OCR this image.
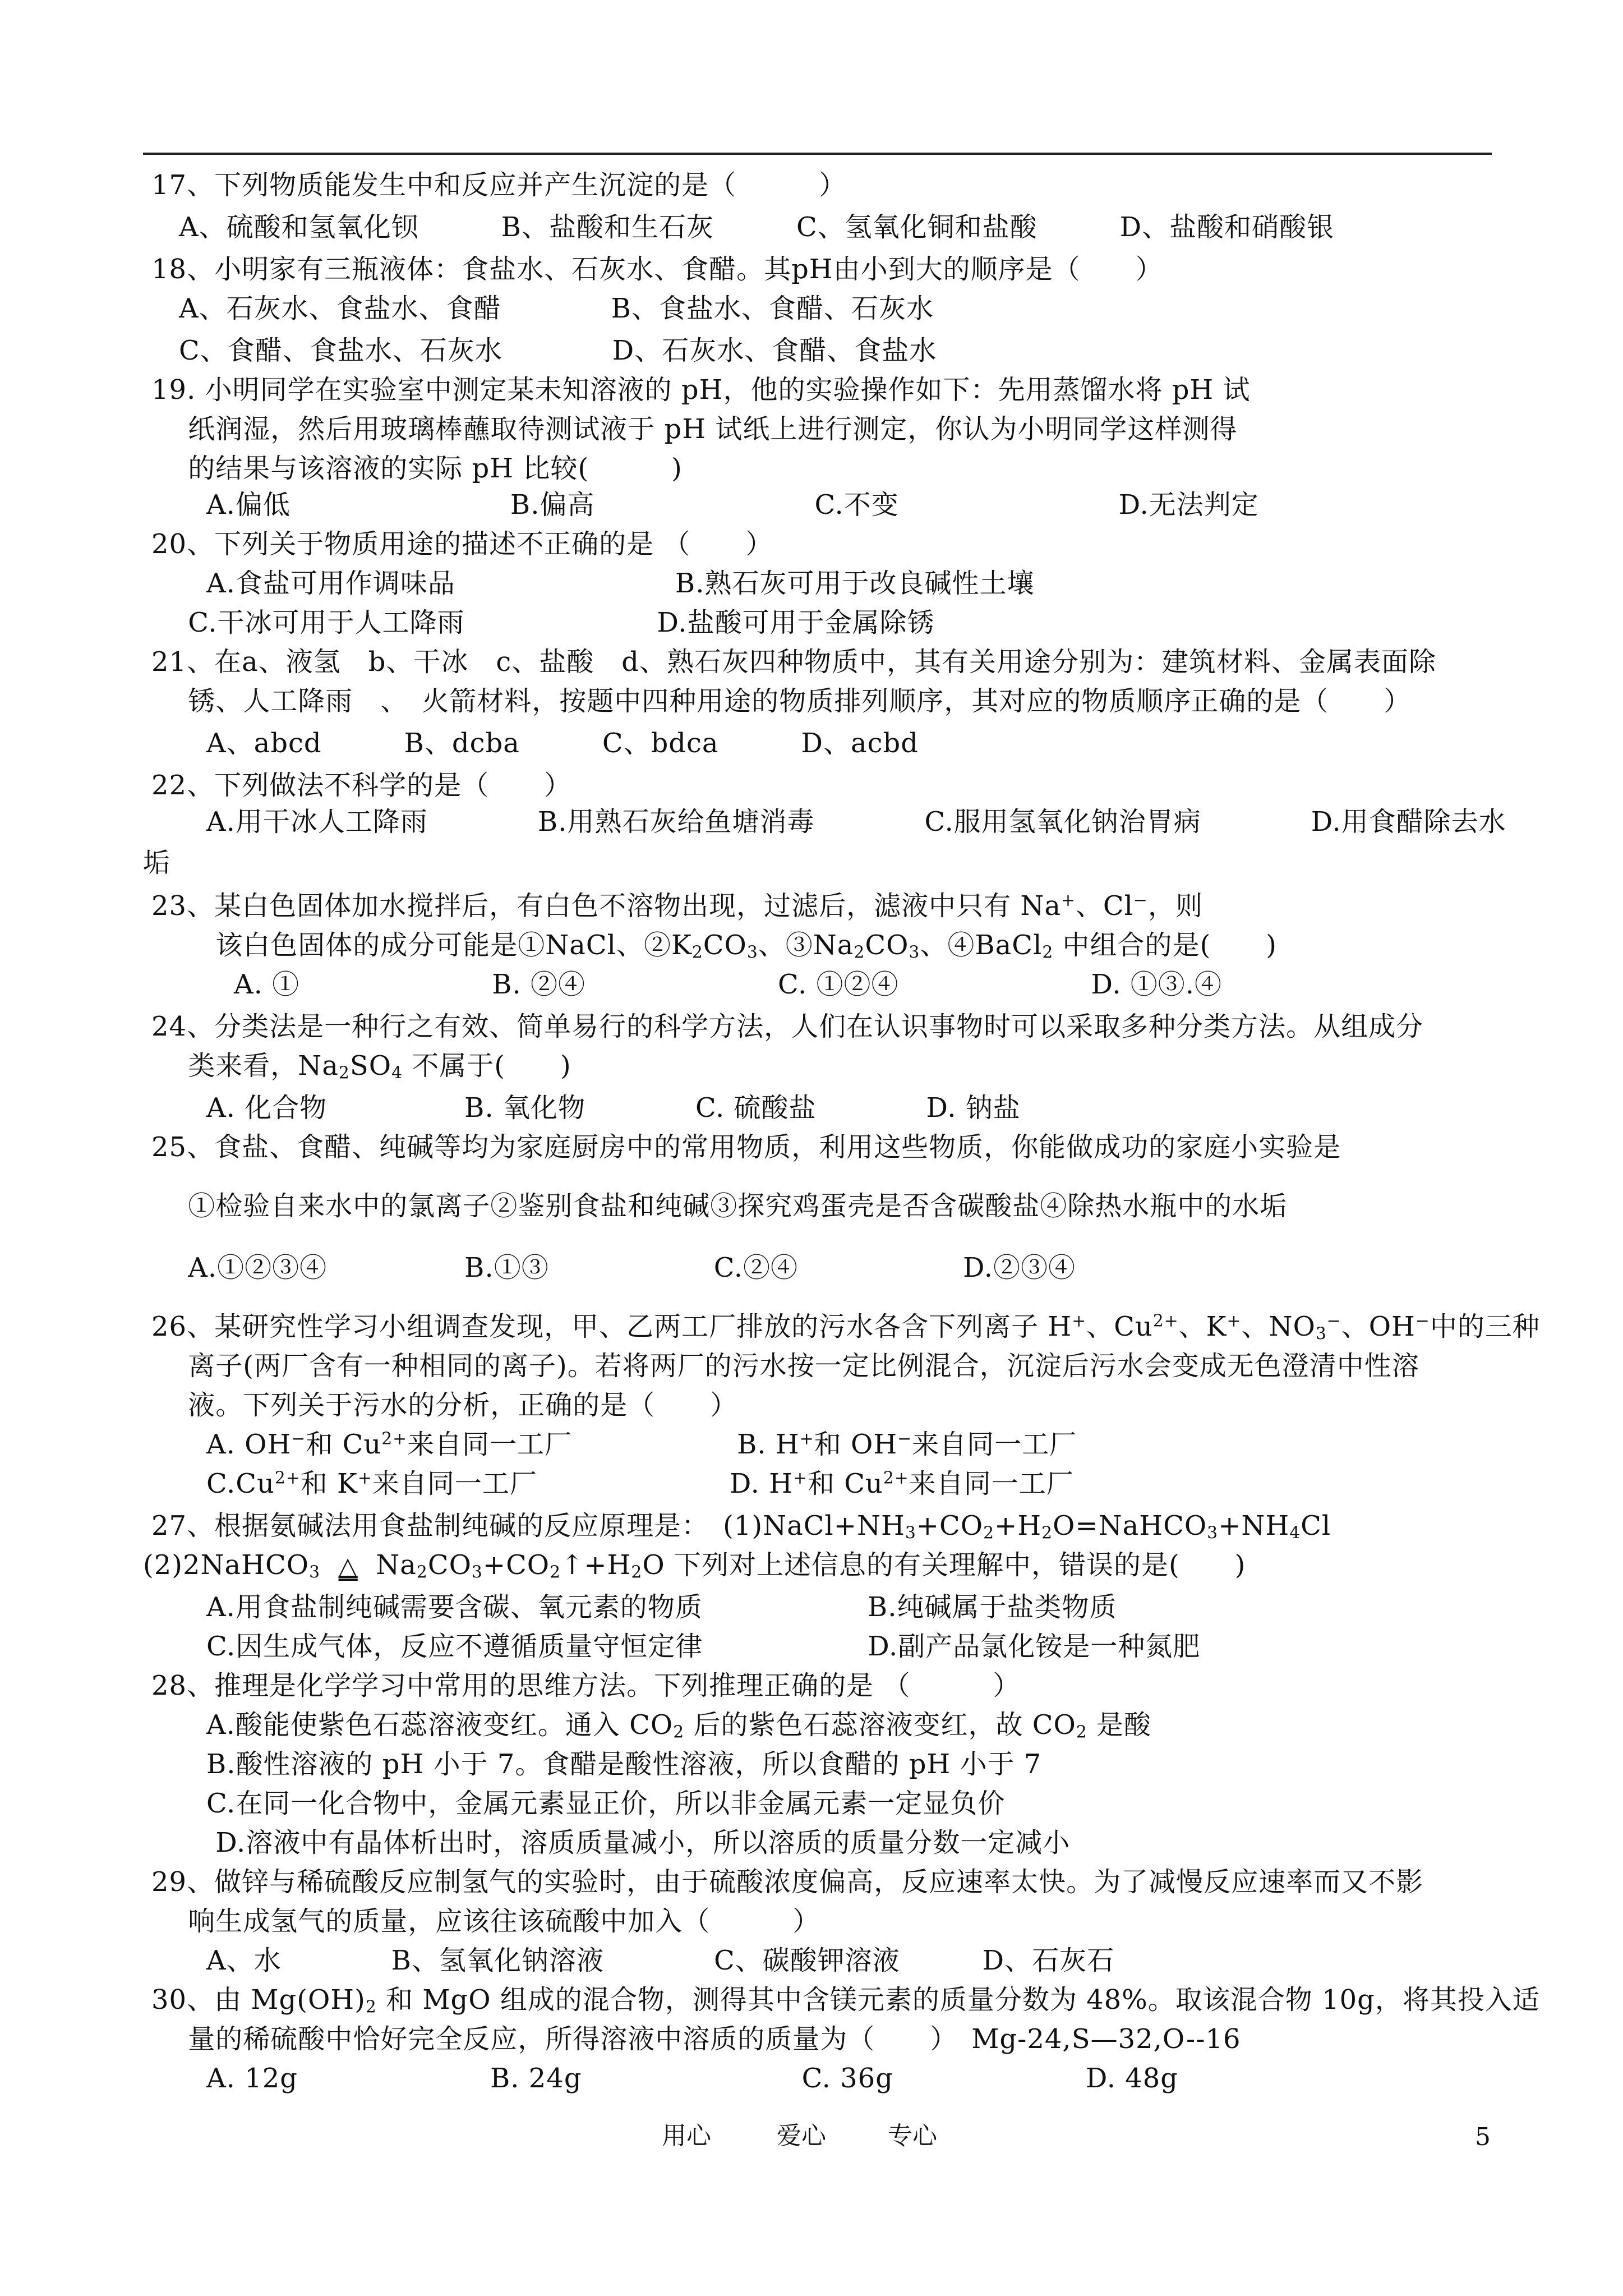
17、下列物质能发生中和反应并产生沉淀的是（　　　）
　A、硫酸和氢氧化钡　　　B、盐酸和生石灰　　　C、氢氧化铜和盐酸　　　D、盐酸和硝酸银
18、小明家有三瓶液体：食盐水、石灰水、食醋。其pH由小到大的顺序是（　　）
　A、石灰水、食盐水、食醋　　　　B、食盐水、食醋、石灰水
　C、食醋、食盐水、石灰水　　　　D、石灰水、食醋、食盐水
19. 小明同学在实验室中测定某未知溶液的 pH，他的实验操作如下：先用蒸馏水将 pH 试
　 纸润湿，然后用玻璃棒蘸取待测试液于 pH 试纸上进行测定，你认为小明同学这样测得
　 的结果与该溶液的实际 pH 比较(　　　)
　　A.偏低　　　　　　　　B.偏高　　　　　　　　C.不变　　　　　　　　D.无法判定
20、下列关于物质用途的描述不正确的是 （　　）
　　A.食盐可用作调味品　　　　　　　　B.熟石灰可用于改良碱性土壤
　 C.干冰可用于人工降雨　　　　　　　D.盐酸可用于金属除锈
21、在a、液氢　b、干冰　c、盐酸　d、熟石灰四种物质中，其有关用途分别为：建筑材料、金属表面除
　 锈、人工降雨　、　火箭材料，按题中四种用途的物质排列顺序，其对应的物质顺序正确的是（　　）
　　A、abcd　　　B、dcba　　　C、bdca　　　D、acbd
22、下列做法不科学的是（　　）
　　A.用干冰人工降雨　　　　B.用熟石灰给鱼塘消毒　　　　C.服用氢氧化钠治胃病　　　　D.用食醋除去水
垢
23、某白色固体加水搅拌后，有白色不溶物出现，过滤后，滤液中只有 Na+、Cl−，则
　　 该白色固体的成分可能是①NaCl、$②K_2CO_3$、$③Na_2CO_3$、④BaCl$_2$ 中组合的是(　　)
　　　A. ①　　　　　　　B. ②④　　　　　　　C. ①②④　　　　　　　D. ①③.④
24、分类法是一种行之有效、简单易行的科学方法，人们在认识事物时可以采取多种分类方法。从组成分
　 类来看，$Na_2SO_4$ 不属于(　　)
　　A. 化合物　　　　　B. 氧化物　　　　C. 硫酸盐　　　　D. 钠盐
25、食盐、食醋、纯碱等均为家庭厨房中的常用物质，利用这些物质，你能做成功的家庭小实验是
　 ①检验自来水中的氯离子②鉴别食盐和纯碱③探究鸡蛋壳是否含碳酸盐④除热水瓶中的水垢
　 A.①②③④　　　　　B.①③　　　　　　C.②④　　　　　　D.②③④
26、某研究性学习小组调查发现，甲、乙两工厂排放的污水各含下列离子 H+、$Cu^{2+}$、K+、$NO_3^-$、OH−中的三种
　 离子(两厂含有一种相同的离子)。若将两厂的污水按一定比例混合，沉淀后污水会变成无色澄清中性溶
　 液。下列关于污水的分析，正确的是（　　）
　　A. OH−和 $Cu^{2+}$来自同一工厂　　　　　　B. H+和 OH−来自同一工厂
　　$C.Cu^{2+}$和 K+来自同一工厂　　　　　　　D. H+和 $Cu^{2+}$来自同一工厂
27、根据氨碱法用食盐制纯碱的反应原理是：　$(1)NaCl+NH_3+CO_2+H_2O=NaHCO_3+NH_4Cl$
(2)2NaHCO$_3$ △  $Na_2CO_3+CO_2↑+H_2O$ 下列对上述信息的有关理解中，错误的是(　　)
　　A.用食盐制纯碱需要含碳、氧元素的物质　　　　　　B.纯碱属于盐类物质
　　C.因生成气体，反应不遵循质量守恒定律　　　　　　D.副产品氯化铵是一种氮肥
28、推理是化学学习中常用的思维方法。下列推理正确的是 （　　　）
　　A.酸能使紫色石蕊溶液变红。通入 $CO_2$ 后的紫色石蕊溶液变红，故 $CO_2$ 是酸
　　B.酸性溶液的 pH 小于 7。食醋是酸性溶液，所以食醋的 pH 小于 7
　　C.在同一化合物中，金属元素显正价，所以非金属元素一定显负价
　　 D.溶液中有晶体析出时，溶质质量减小，所以溶质的质量分数一定减小
29、做锌与稀硫酸反应制氢气的实验时，由于硫酸浓度偏高，反应速率太快。为了减慢反应速率而又不影
　 响生成氢气的质量，应该往该硫酸中加入（　　　）
　　A、水　　　　B、氢氧化钠溶液　　　　C、碳酸钾溶液　　　D、石灰石
30、由 $Mg(OH)_2$ 和 MgO 组成的混合物，测得其中含镁元素的质量分数为 48%。取该混合物 10g，将其投入适
　 量的稀硫酸中恰好完全反应，所得溶液中溶质的质量为（　　）　Mg-24,S—32,O--16
　　A. 12g　　　　　　　B. 24g　　　　　　　　C. 36g　　　　　　　D. 48g
用心	爱心	专心	5
